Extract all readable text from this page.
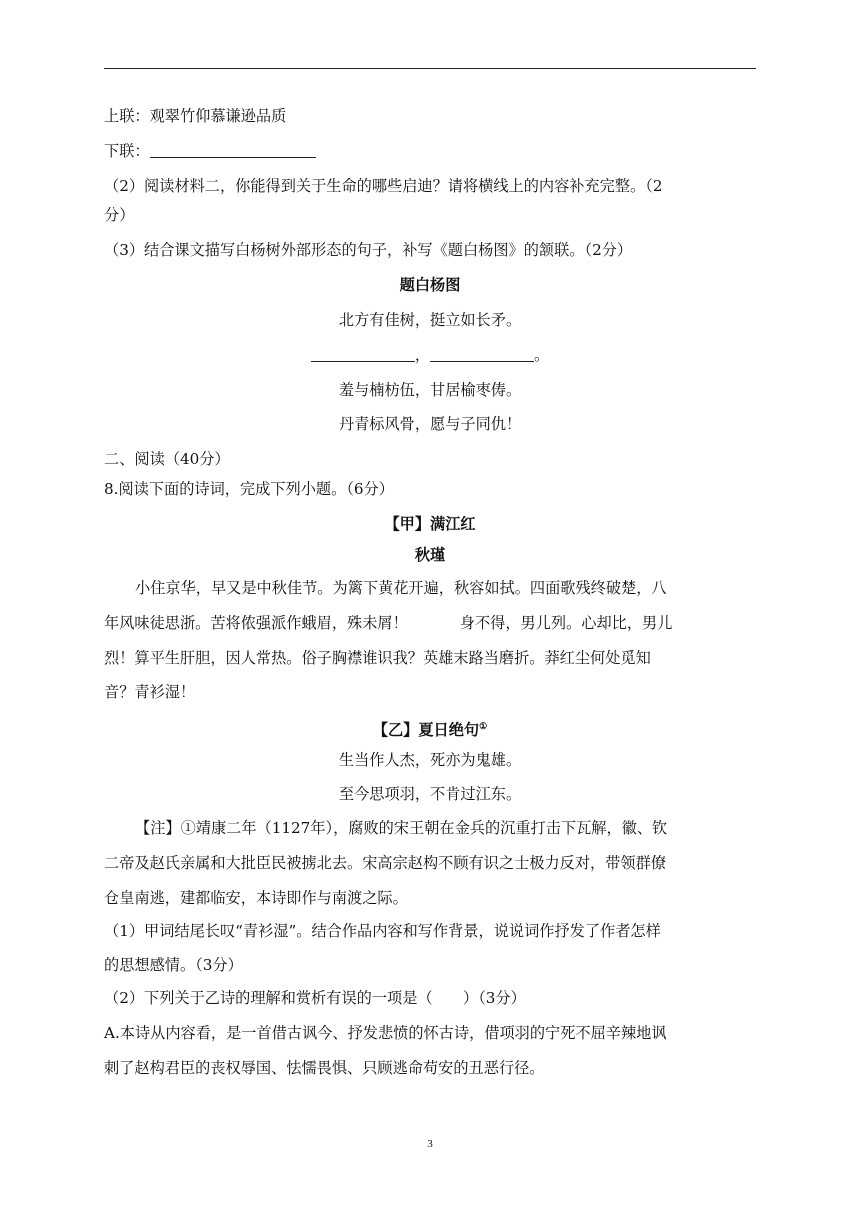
上联：观翠竹仰慕谦逊品质
下联：
（2）阅读材料二，你能得到关于生命的哪些启迪？请将横线上的内容补充完整。（2
分）
（3）结合课文描写白杨树外部形态的句子，补写《题白杨图》的颔联。（2分）
题白杨图
北方有佳树，挺立如长矛。
，	。
羞与楠枋伍，甘居榆枣俦。
丹青标风骨，愿与子同仇！
二、阅读（40分）
8.阅读下面的诗词，完成下列小题。（6分）
【甲】满江红
秋瑾
小住京华，早又是中秋佳节。为篱下黄花开遍，秋容如拭。四面歌残终破楚，八
年风味徒思浙。苦将侬强派作蛾眉，殊未屑！	身不得，男儿列。心却比，男儿
烈！算平生肝胆，因人常热。俗子胸襟谁识我？英雄末路当磨折。莽红尘何处觅知
音？青衫湿！
【乙】夏日绝句①
生当作人杰，死亦为鬼雄。
至今思项羽，不肯过江东。
【注】①靖康二年（1127年），腐败的宋王朝在金兵的沉重打击下瓦解，徽、钦
二帝及赵氏亲属和大批臣民被掳北去。宋高宗赵构不顾有识之士极力反对，带领群僚
仓皇南逃，建都临安，本诗即作与南渡之际。
（1）甲词结尾长叹“青衫湿”。结合作品内容和写作背景，说说词作抒发了作者怎样
的思想感情。（3分）
（2）下列关于乙诗的理解和赏析有误的一项是（　　）（3分）
A.本诗从内容看，是一首借古讽今、抒发悲愤的怀古诗，借项羽的宁死不屈辛辣地讽
刺了赵构君臣的丧权辱国、怯懦畏惧、只顾逃命苟安的丑恶行径。
3
